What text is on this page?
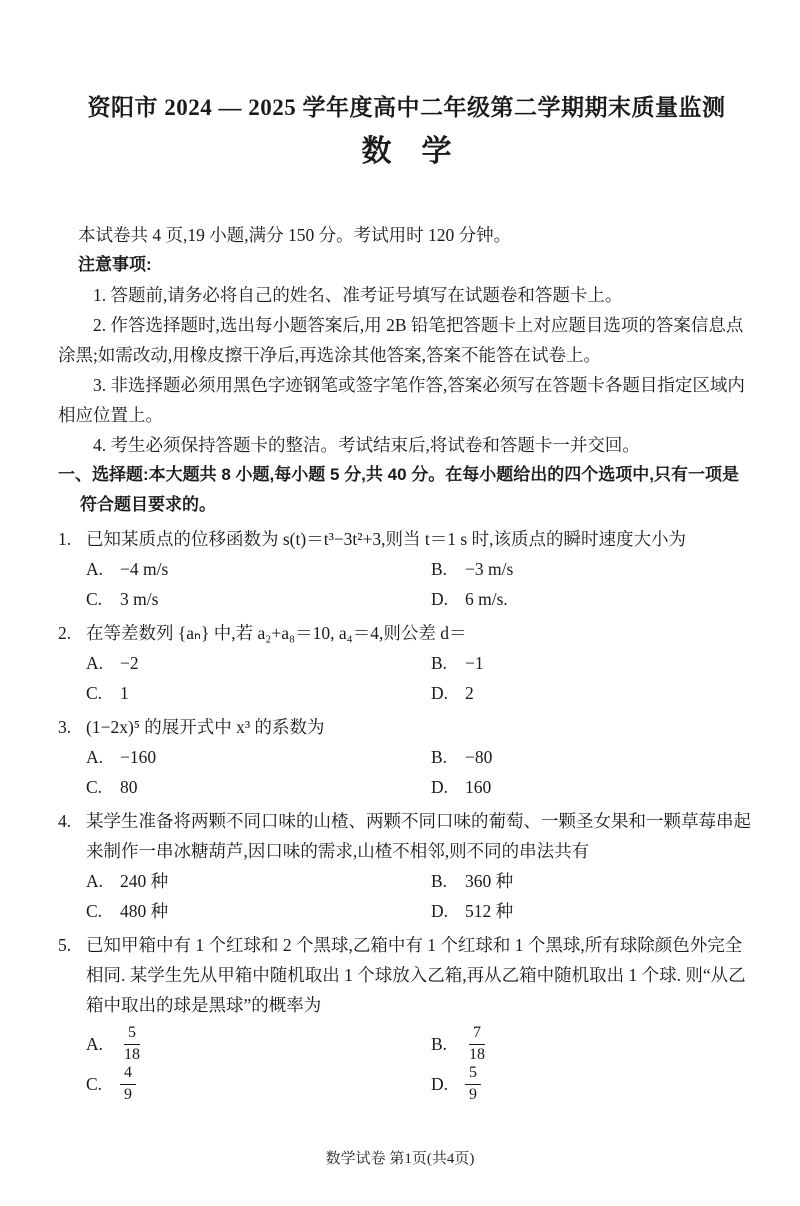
资阳市 2024 — 2025 学年度高中二年级第二学期期末质量监测
数　学
本试卷共 4 页,19 小题,满分 150 分。考试用时 120 分钟。
注意事项:
1. 答题前,请务必将自己的姓名、准考证号填写在试题卷和答题卡上。
2. 作答选择题时,选出每小题答案后,用 2B 铅笔把答题卡上对应题目选项的答案信息点涂黑;如需改动,用橡皮擦干净后,再选涂其他答案,答案不能答在试卷上。
3. 非选择题必须用黑色字迹钢笔或签字笔作答,答案必须写在答题卡各题目指定区域内相应位置上。
4. 考生必须保持答题卡的整洁。考试结束后,将试卷和答题卡一并交回。
一、选择题:本大题共 8 小题,每小题 5 分,共 40 分。在每小题给出的四个选项中,只有一项是符合题目要求的。
1. 已知某质点的位移函数为 s(t)＝t³−3t²+3,则当 t＝1 s 时,该质点的瞬时速度大小为
A. −4 m/s	B. −3 m/s
C. 3 m/s	D. 6 m/s.
2. 在等差数列 {aₙ} 中,若 a₂+a₈＝10, a₄＝4,则公差 d＝
A. −2	B. −1
C. 1	D. 2
3. (1−2x)⁵ 的展开式中 x³ 的系数为
A. −160	B. −80
C. 80	D. 160
4. 某学生准备将两颗不同口味的山楂、两颗不同口味的葡萄、一颗圣女果和一颗草莓串起来制作一串冰糖葫芦,因口味的需求,山楂不相邻,则不同的串法共有
A. 240 种	B. 360 种
C. 480 种	D. 512 种
5. 已知甲箱中有 1 个红球和 2 个黑球,乙箱中有 1 个红球和 1 个黑球,所有球除颜色外完全相同. 某学生先从甲箱中随机取出 1 个球放入乙箱,再从乙箱中随机取出 1 个球. 则“从乙箱中取出的球是黑球”的概率为
A.	$\frac{5}{18}$	B.	$\frac{7}{18}$
C.	$\frac{4}{9}$	D.	$\frac{5}{9}$
数学试卷 第1页(共4页)
